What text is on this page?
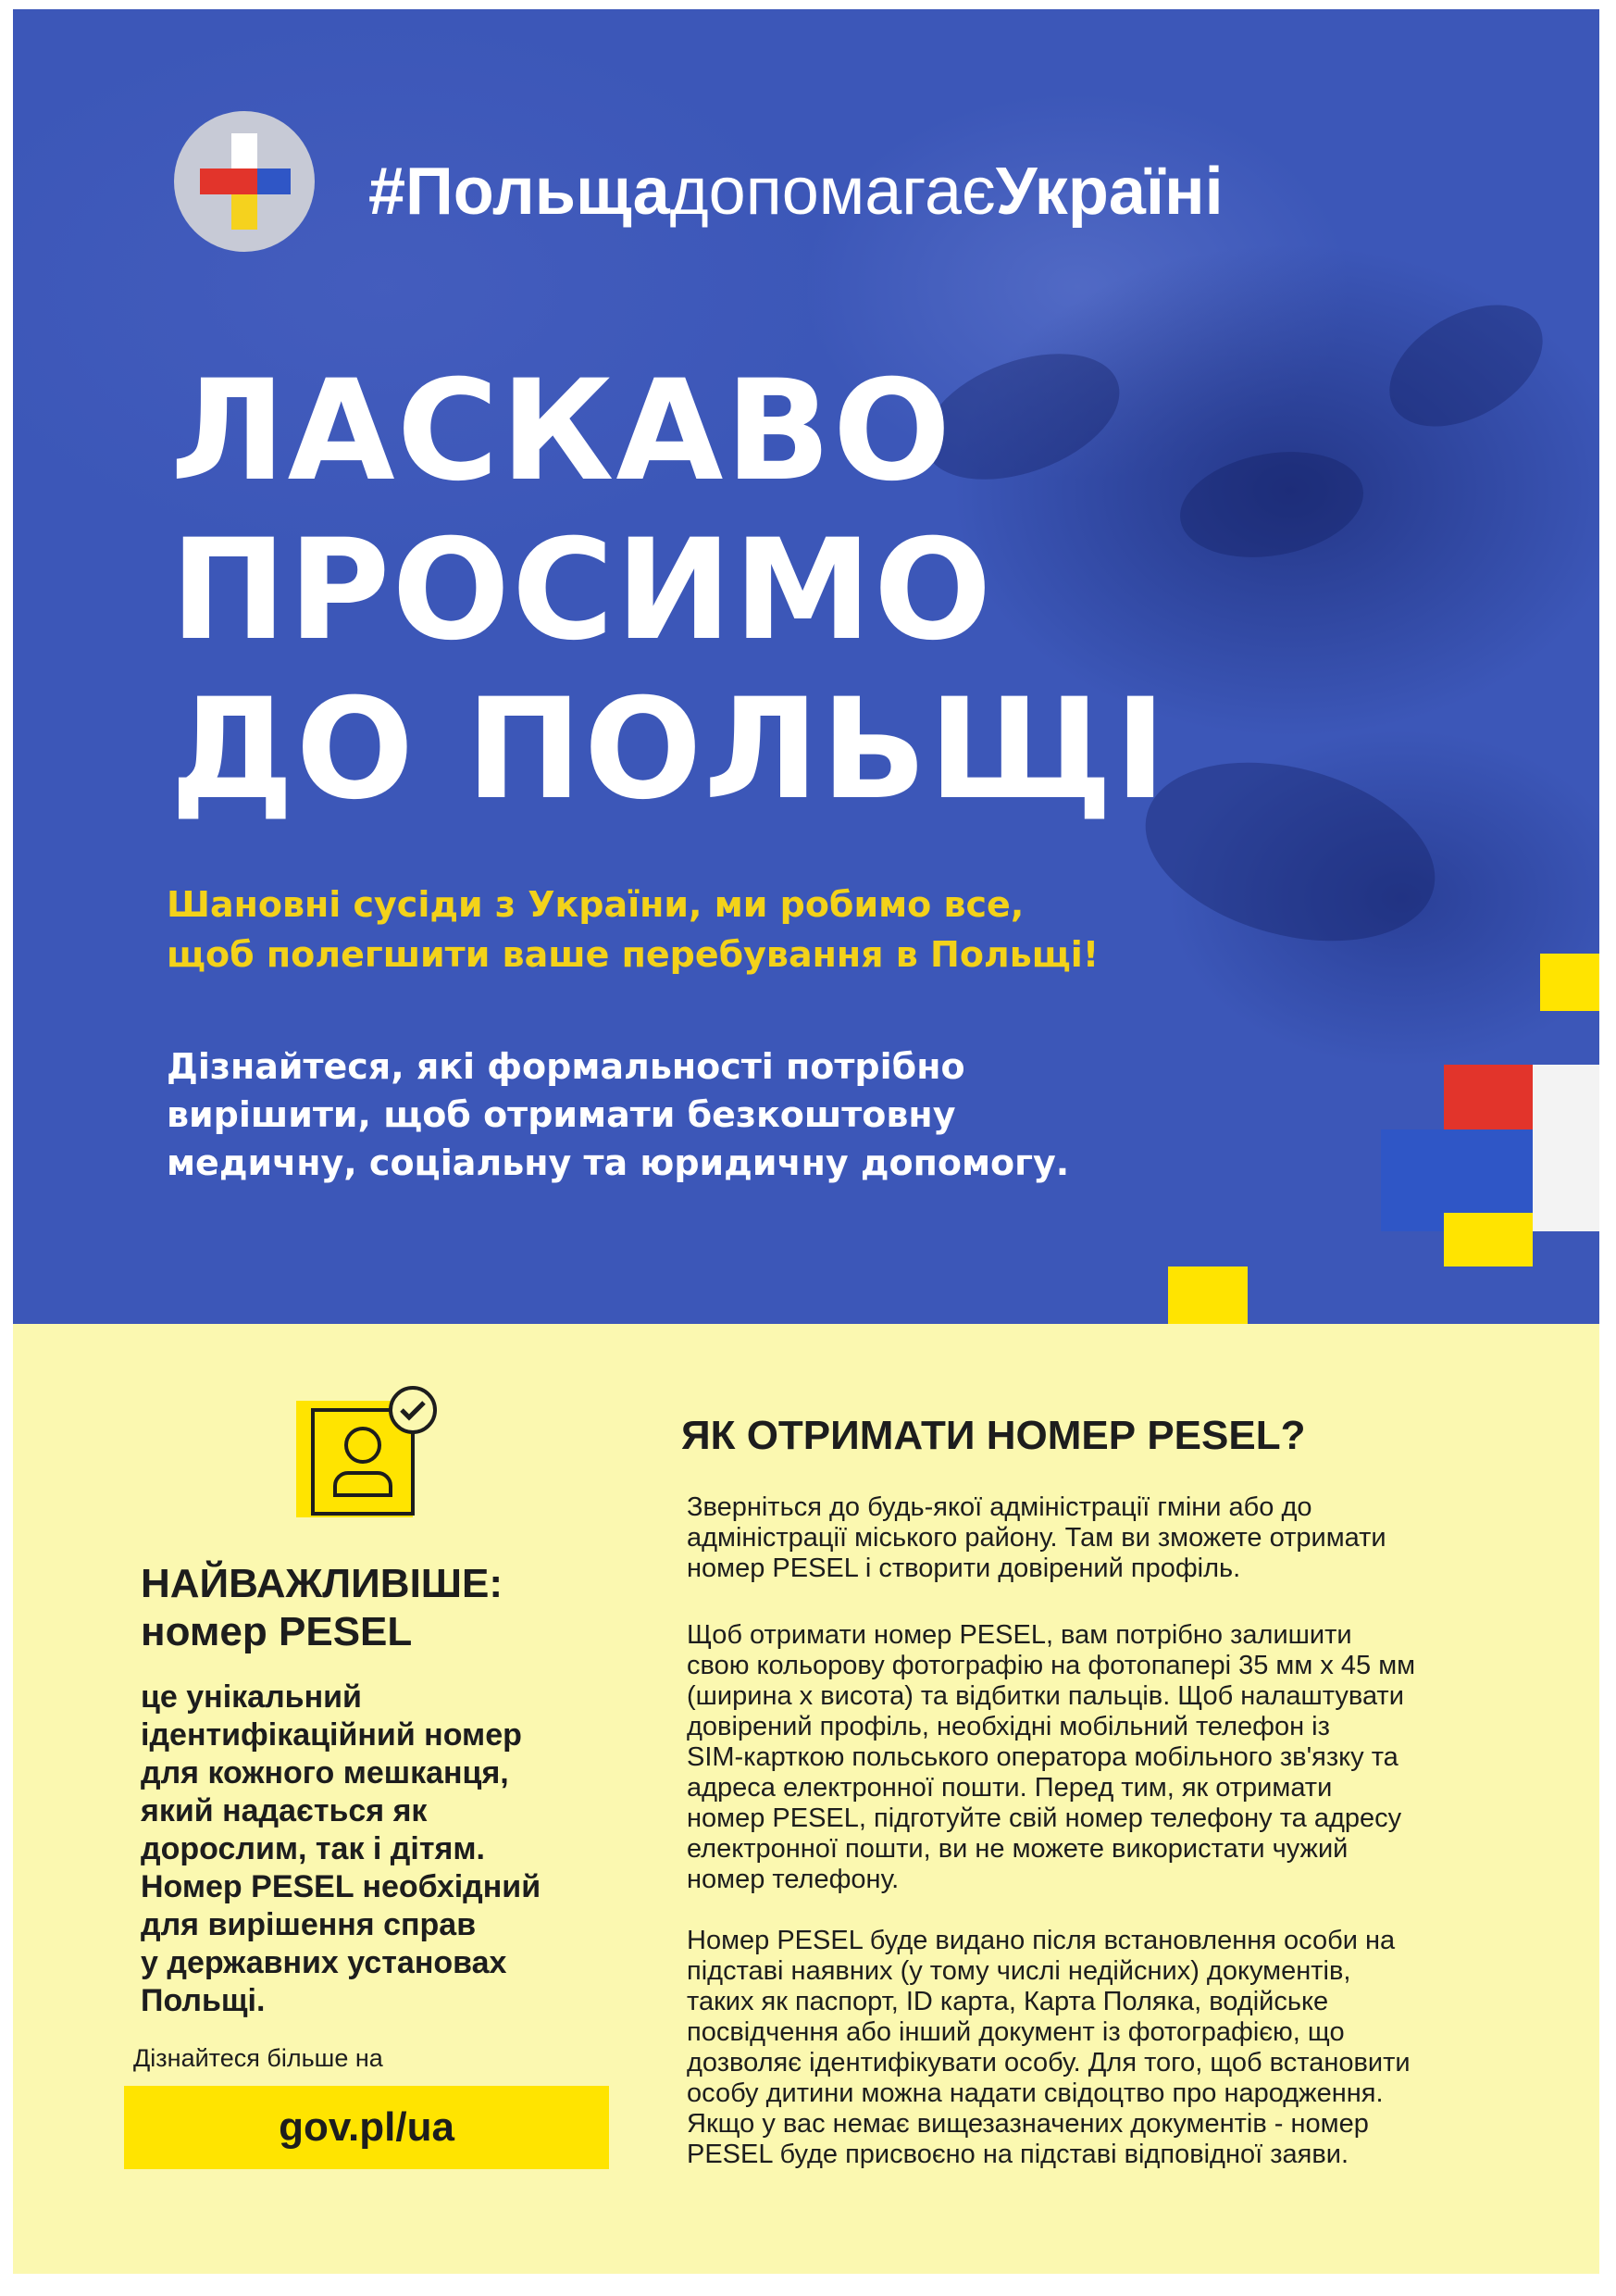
#ПольщадопомагаєУкраїні
ЛАСКАВО
ПРОСИМО
ДО ПОЛЬЩІ
Шановні сусіди з України, ми робимо все,
щоб полегшити ваше перебування в Польщі!
Дізнайтеся, які формальності потрібно
вирішити, щоб отримати безкоштовну
медичну, соціальну та юридичну допомогу.
НАЙВАЖЛИВІШЕ:
номер PESEL
це унікальний
ідентифікаційний номер
для кожного мешканця,
який надається як
дорослим, так і дітям.
Номер PESEL необхідний
для вирішення справ
у державних установах
Польщі.
Дізнайтеся більше на
gov.pl/ua
ЯК ОТРИМАТИ НОМЕР PESEL?
Зверніться до будь-якої адміністрації гміни або до
адміністрації міського району. Там ви зможете отримати
номер PESEL і створити довірений профіль.
Щоб отримати номер PESEL, вам потрібно залишити
свою кольорову фотографію на фотопапері 35 мм х 45 мм
(ширина х висота) та відбитки пальців. Щоб налаштувати
довірений профіль, необхідні мобільний телефон із
SIM-карткою польського оператора мобільного зв'язку та
адреса електронної пошти. Перед тим, як отримати
номер PESEL, підготуйте свій номер телефону та адресу
електронної пошти, ви не можете використати чужий
номер телефону.
Номер PESEL буде видано після встановлення особи на
підставі наявних (у тому числі недійсних) документів,
таких як паспорт, ID карта, Карта Поляка, водійське
посвідчення або інший документ із фотографією, що
дозволяє ідентифікувати особу. Для того, щоб встановити
особу дитини можна надати свідоцтво про народження.
Якщо у вас немає вищезазначених документів - номер
PESEL буде присвоєно на підставі відповідної заяви.
